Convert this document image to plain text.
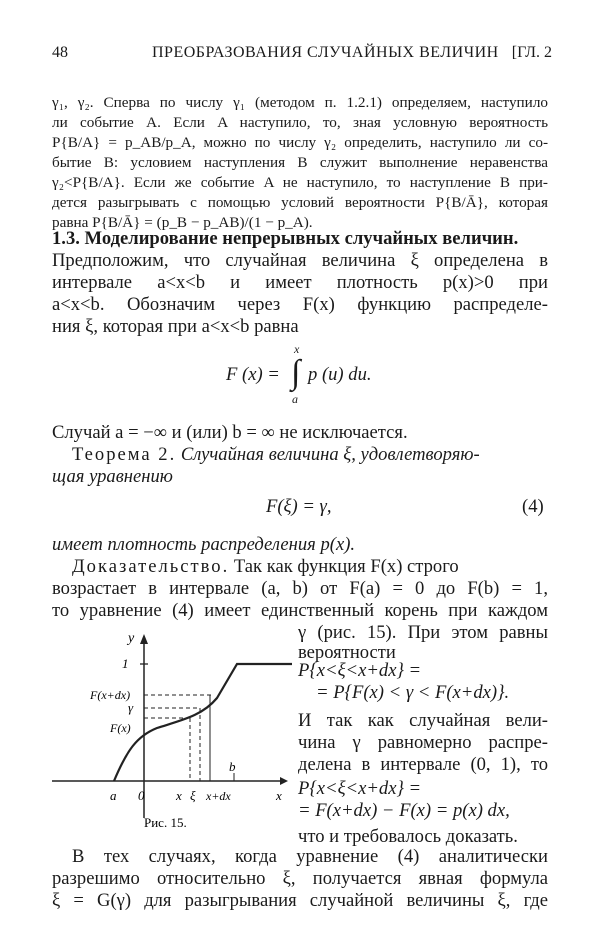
48	ПРЕОБРАЗОВАНИЯ СЛУЧАЙНЫХ ВЕЛИЧИН [ГЛ. 2
γ₁, γ₂. Сперва по числу γ₁ (методом п. 1.2.1) определяем, наступило
ли событие A. Если A наступило, то, зная условную вероятность
P{B/A} = p_AB/p_A, можно по числу γ₂ определить, наступило ли со-
бытие B: условием наступления B служит выполнение неравенства
γ₂<P{B/A}. Если же событие A не наступило, то наступление B при-
дется разыгрывать с помощью условий вероятности P{B/Ā}, которая
равна P{B/Ā} = (p_B − p_AB)/(1 − p_A).
1.3. Моделирование непрерывных случайных величин.
Предположим, что случайная величина ξ определена в
интервале a<x<b и имеет плотность p(x)>0 при
a<x<b. Обозначим через F(x) функцию распределе-
ния ξ, которая при a<x<b равна
F (x) = ∫
x
a
p (u) du.
Случай a = −∞ и (или) b = ∞ не исключается.
Теорема 2. Случайная величина ξ, удовлетворяю-
щая уравнению
F(ξ) = γ,	(4)
имеет плотность распределения p(x).
Доказательство. Так как функция F(x) строго
возрастает в интервале (a, b) от F(a) = 0 до F(b) = 1,
то уравнение (4) имеет единственный корень при каждом
γ (рис. 15). При этом равны
вероятности
P{x<ξ<x+dx} =
= P{F(x) < γ < F(x+dx)}.
И так как случайная вели-
чина γ равномерно распре-
делена в интервале (0, 1), то
P{x<ξ<x+dx} =
= F(x+dx) − F(x) = p(x) dx,
что и требовалось доказать.
y
1
F(x+dx)
γ
F(x)
a 0 x ξ x+dx
b
x
Рис. 15.
В тех случаях, когда уравнение (4) аналитически
разрешимо относительно ξ, получается явная формула
ξ = G(γ) для разыгрывания случайной величины ξ, где
